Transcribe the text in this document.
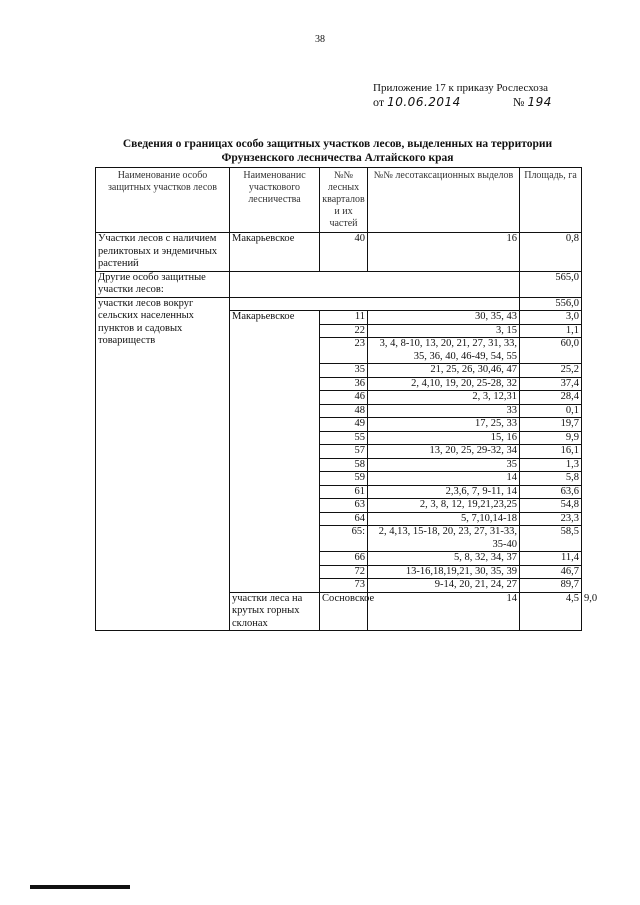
38
Приложение 17 к приказу Рослесхоза
от 10.06.2014	№ 194
Сведения о границах особо защитных участков лесов, выделенных на территории
Фрунзенского лесничества Алтайского края
Наименование особо защитных участков лесов	Наименованис участкового лесничества	№№ лесных кварталов и их частей	№№ лесотаксационных выделов	Площадь, га	
Участки лесов с наличием реликтовых и эндемичных растений	Макарьевское	40	16	0,8	
Другие особо защитные участки лесов:				565,0	
участки лесов вокруг сельских населенных пунктов и садовых товариществ				556,0	
	Макарьевское	11	30, 35, 43	3,0	
		22	3, 15	1,1	
		23	3, 4, 8-10, 13, 20, 21, 27, 31, 33, 35, 36, 40, 46-49, 54, 55	60,0	
		35	21, 25, 26, 30,46, 47	25,2	
		36	2, 4,10, 19, 20, 25-28, 32	37,4	
		46	2, 3, 12,31	28,4	
		48	33	0,1	
		49	17, 25, 33	19,7	
		55	15, 16	9,9	
		57	13, 20, 25, 29-32, 34	16,1	
		58	35	1,3	
		59	14	5,8	
		61	2,3,6, 7, 9-11, 14	63,6	
		63	2, 3, 8, 12, 19,21,23,25	54,8	
		64	5, 7,10,14-18	23,3	
		65:	2, 4,13, 15-18, 20, 23, 27, 31-33, 35-40	58,5	
		66	5, 8, 32, 34, 37	11,4	
		72	13-16,18,19,21, 30, 35, 39	46,7	
		73	9-14, 20, 21, 24, 27	89,7	
	участки леса на крутых горных склонах	Сосновское	14	4,5	9,0
